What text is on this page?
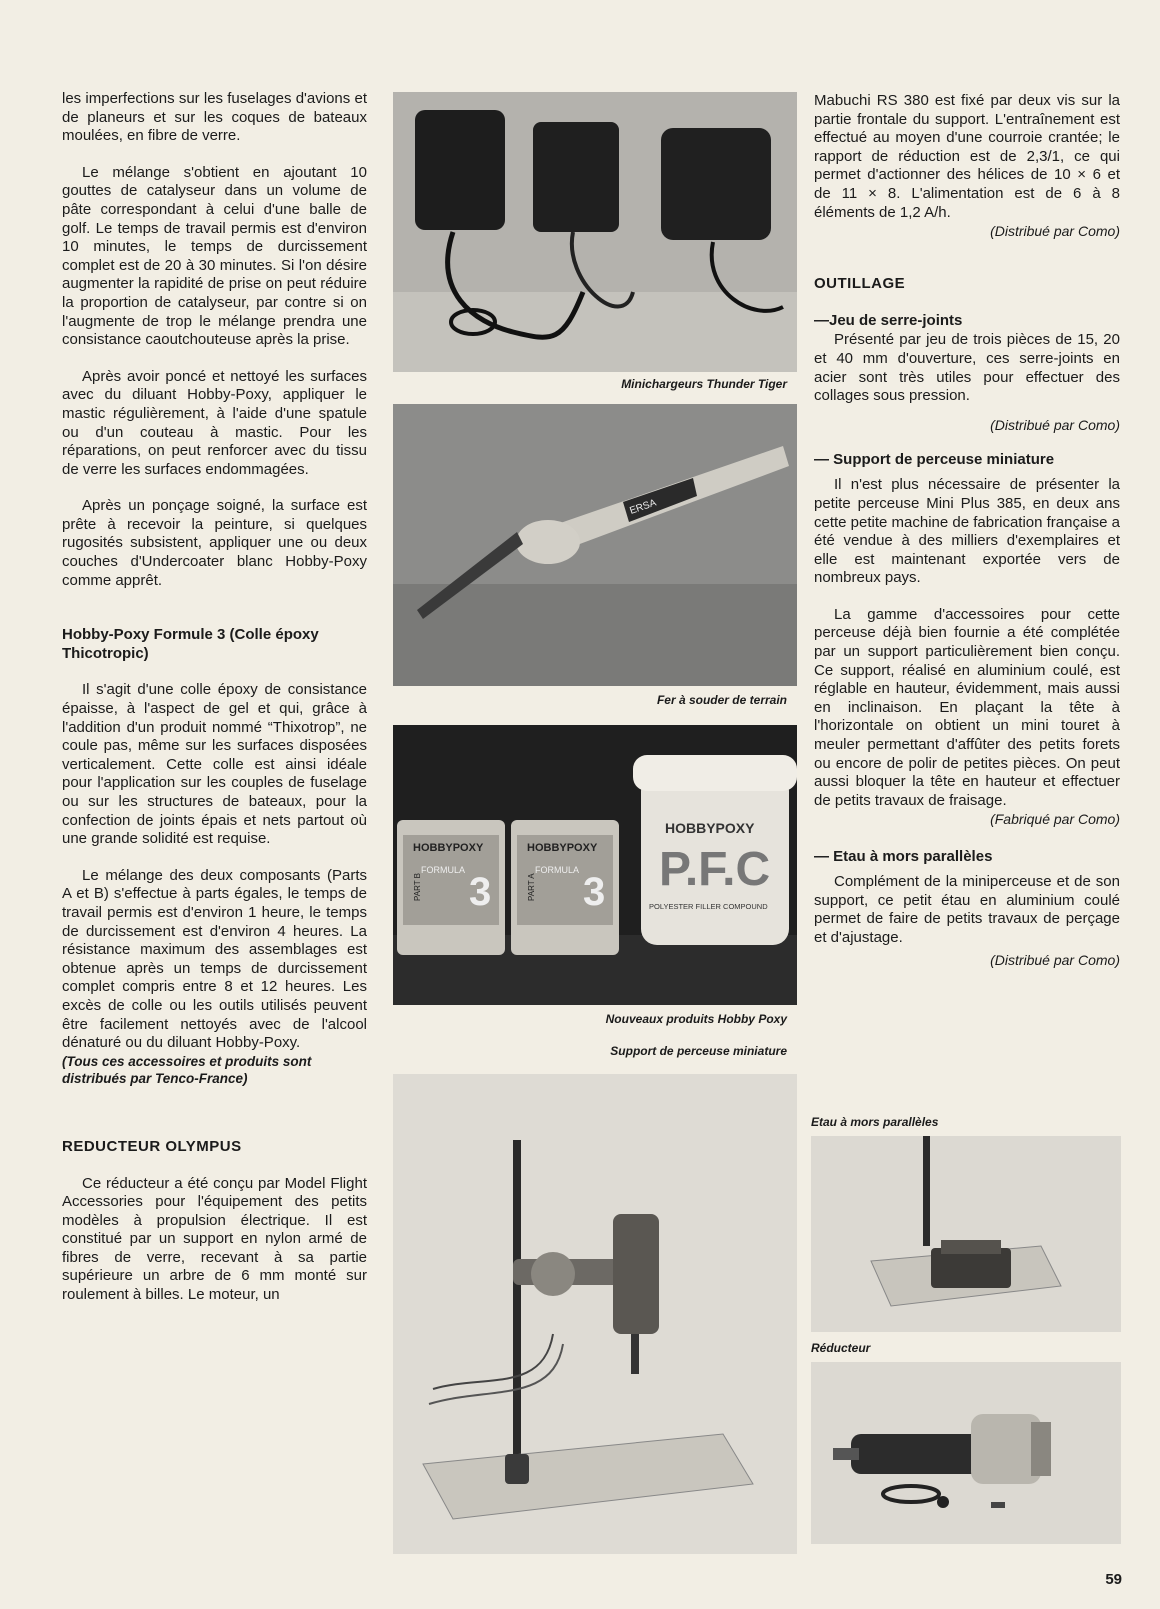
les imperfections sur les fuselages d'avions et de planeurs et sur les coques de bateaux moulées, en fibre de verre.

Le mélange s'obtient en ajoutant 10 gouttes de catalyseur dans un volume de pâte correspondant à celui d'une balle de golf. Le temps de travail permis est d'environ 10 minutes, le temps de durcissement complet est de 20 à 30 minutes. Si l'on désire augmenter la rapidité de prise on peut réduire la proportion de catalyseur, par contre si on l'augmente de trop le mélange prendra une consistance caoutchouteuse après la prise.

Après avoir poncé et nettoyé les surfaces avec du diluant Hobby-Poxy, appliquer le mastic régulièrement, à l'aide d'une spatule ou d'un couteau à mastic. Pour les réparations, on peut renforcer avec du tissu de verre les surfaces endommagées.

Après un ponçage soigné, la surface est prête à recevoir la peinture, si quelques rugosités subsistent, appliquer une ou deux couches d'Undercoater blanc Hobby-Poxy comme apprêt.

Hobby-Poxy Formule 3 (Colle époxy Thicotropic)

Il s'agit d'une colle époxy de consistance épaisse, à l'aspect de gel et qui, grâce à l'addition d'un produit nommé “Thixotrop”, ne coule pas, même sur les surfaces disposées verticalement. Cette colle est ainsi idéale pour l'application sur les couples de fuselage ou sur les structures de bateaux, pour la confection de joints épais et nets partout où une grande solidité est requise.

Le mélange des deux composants (Parts A et B) s'effectue à parts égales, le temps de travail permis est d'environ 1 heure, le temps de durcissement est d'environ 4 heures. La résistance maximum des assemblages est obtenue après un temps de durcissement complet compris entre 8 et 12 heures. Les excès de colle ou les outils utilisés peuvent être facilement nettoyés avec de l'alcool dénaturé ou du diluant Hobby-Poxy.

(Tous ces accessoires et produits sont distribués par Tenco-France)
REDUCTEUR OLYMPUS

Ce réducteur a été conçu par Model Flight Accessories pour l'équipement des petits modèles à propulsion électrique. Il est constitué par un support en nylon armé de fibres de verre, recevant à sa partie supérieure un arbre de 6 mm monté sur roulement à billes. Le moteur, un

Minichargeurs Thunder Tiger
ERSA
Fer à souder de terrain
HOBBYPOXY
FORMULA 3
PART B
HOBBYPOXY
FORMULA 3
PART A
HOBBYPOXY
P.F.C
POLYESTER FILLER COMPOUND
Nouveaux produits Hobby Poxy
Support de perceuse miniature

Mabuchi RS 380 est fixé par deux vis sur la partie frontale du support. L'entraînement est effectué au moyen d'une courroie crantée; le rapport de réduction est de 2,3/1, ce qui permet d'actionner des hélices de 10 × 6 et de 11 × 8. L'alimentation est de 6 à 8 éléments de 1,2 A/h.

(Distribué par Como)
OUTILLAGE
—Jeu de serre-joints

Présenté par jeu de trois pièces de 15, 20 et 40 mm d'ouverture, ces serre-joints en acier sont très utiles pour effectuer des collages sous pression.

(Distribué par Como)
— Support de perceuse miniature

Il n'est plus nécessaire de présenter la petite perceuse Mini Plus 385, en deux ans cette petite machine de fabrication française a été vendue à des milliers d'exemplaires et elle est maintenant exportée vers de nombreux pays.

La gamme d'accessoires pour cette perceuse déjà bien fournie a été complétée par un support particulièrement bien conçu. Ce support, réalisé en aluminium coulé, est réglable en hauteur, évidemment, mais aussi en inclinaison. En plaçant la tête à l'horizontale on obtient un mini touret à meuler permettant d'affûter des petits forets ou encore de polir de petites pièces. On peut aussi bloquer la tête en hauteur et effectuer de petits travaux de fraisage.

(Fabriqué par Como)
— Etau à mors parallèles

Complément de la miniperceuse et de son support, ce petit étau en aluminium coulé permet de faire de petits travaux de perçage et d'ajustage.

(Distribué par Como)
Etau à mors parallèles
Réducteur
59
